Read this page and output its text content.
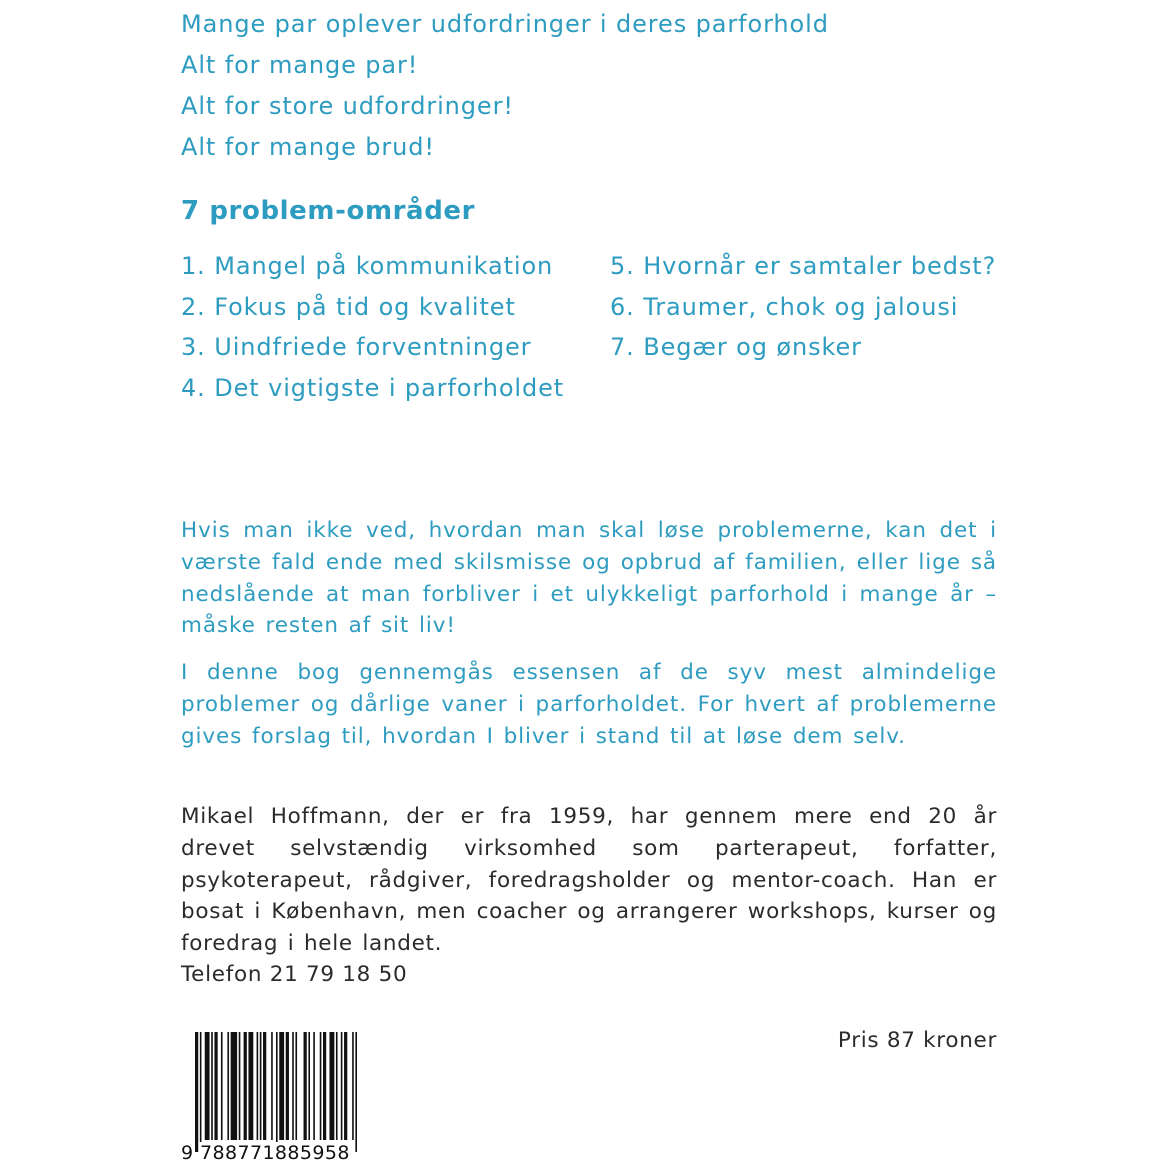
Mange par oplever udfordringer i deres parforhold
Alt for mange par!
Alt for store udfordringer!
Alt for mange brud!
7 problem-områder
1. Mangel på kommunikation
2. Fokus på tid og kvalitet
3. Uindfriede forventninger
4. Det vigtigste i parforholdet
5. Hvornår er samtaler bedst?
6. Traumer, chok og jalousi
7. Begær og ønsker

Hvis man ikke ved, hvordan man skal løse problemerne, kan det i værste fald ende med skilsmisse og opbrud af familien, eller lige så nedslående at man forbliver i et ulykkeligt parforhold i mange år – måske resten af sit liv!

I denne bog gennemgås essensen af de syv mest almindelige problemer og dårlige vaner i parforholdet. For hvert af problemerne gives forslag til, hvordan I bliver i stand til at løse dem selv.

Mikael Hoffmann, der er fra 1959, har gennem mere end 20 år drevet selvstændig virksomhed som parterapeut, forfatter, psykoterapeut, rådgiver, foredragsholder og mentor-coach. Han er bosat i København, men coacher og arrangerer workshops, kurser og foredrag i hele landet.

Telefon 21 79 18 50

Pris 87 kroner

9 788771885958
